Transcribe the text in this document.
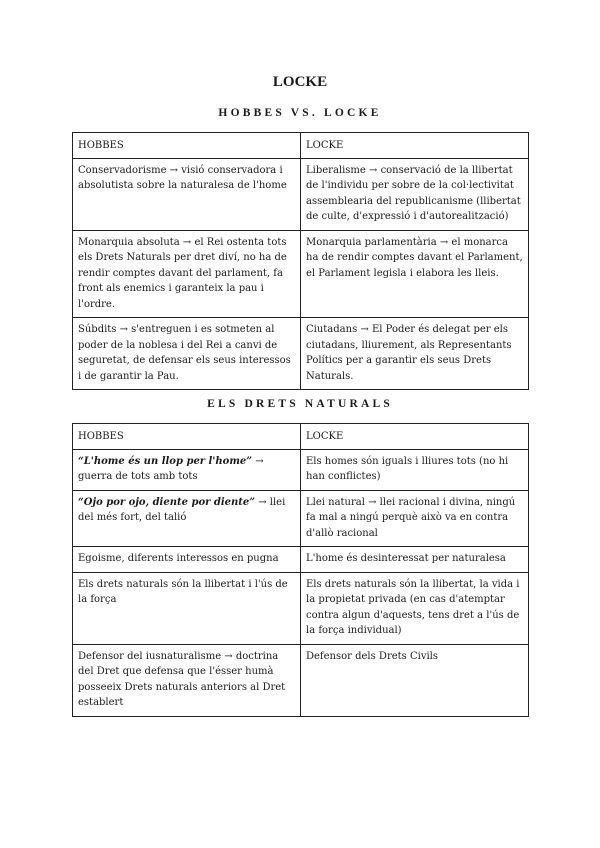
LOCKE
HOBBES VS. LOCKE
HOBBES	LOCKE
Conservadorisme → visió conservadora i absolutista sobre la naturalesa de l'home	Liberalisme → conservació de la llibertat de l'individu per sobre de la col·lectivitat assemblearia del republicanisme (llibertat de culte, d'expressió i d'autorealització)
Monarquia absoluta → el Rei ostenta tots els Drets Naturals per dret diví, no ha de rendir comptes davant del parlament, fa front als enemics i garanteix la pau i l'ordre.	Monarquia parlamentària → el monarca ha de rendir comptes davant el Parlament, el Parlament legisla i elabora les lleis.
Súbdits → s'entreguen i es sotmeten al poder de la noblesa i del Rei a canvi de seguretat, de defensar els seus interessos i de garantir la Pau.	Ciutadans → El Poder és delegat per els ciutadans, lliurement, als Representants Polítics per a garantir els seus Drets Naturals.
ELS DRETS NATURALS
HOBBES	LOCKE
“L'home és un llop per l'home” → guerra de tots amb tots	Els homes són iguals i lliures tots (no hi han conflictes)
“Ojo por ojo, diente por diente” → llei del més fort, del talió	Llei natural → llei racional i divina, ningú fa mal a ningú perquè això va en contra d'allò racional
Egoisme, diferents interessos en pugna	L'home és desinteressat per naturalesa
Els drets naturals són la llibertat i l'ús de la força	Els drets naturals són la llibertat, la vida i la propietat privada (en cas d'atemptar contra algun d'aquests, tens dret a l'ús de la força individual)
Defensor del iusnaturalisme → doctrina del Dret que defensa que l'ésser humà posseeix Drets naturals anteriors al Dret establert	Defensor dels Drets Civils
